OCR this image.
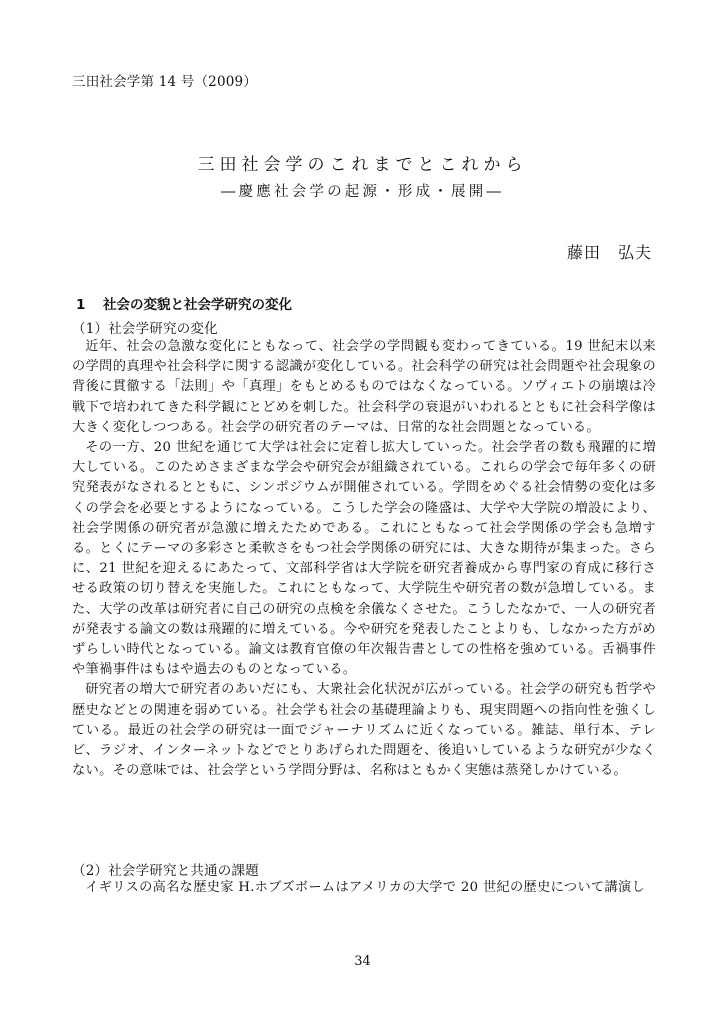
三田社会学第 14 号（2009）
三田社会学のこれまでとこれから
―慶應社会学の起源・形成・展開―
藤田　弘夫
1 社会の変貌と社会学研究の変化
（1）社会学研究の変化

近年、社会の急激な変化にともなって、社会学の学問観も変わってきている。19 世紀末以来の学問的真理や社会科学に関する認識が変化している。社会科学の研究は社会問題や社会現象の背後に貫徹する「法則」や「真理」をもとめるものではなくなっている。ソヴィエトの崩壊は冷戦下で培われてきた科学観にとどめを刺した。社会科学の衰退がいわれるとともに社会科学像は大きく変化しつつある。社会学の研究者のテーマは、日常的な社会問題となっている。

その一方、20 世紀を通じて大学は社会に定着し拡大していった。社会学者の数も飛躍的に増大している。このためさまざまな学会や研究会が組織されている。これらの学会で毎年多くの研究発表がなされるとともに、シンポジウムが開催されている。学問をめぐる社会情勢の変化は多くの学会を必要とするようになっている。こうした学会の隆盛は、大学や大学院の増設により、社会学関係の研究者が急激に増えたためである。これにともなって社会学関係の学会も急増する。とくにテーマの多彩さと柔軟さをもつ社会学関係の研究には、大きな期待が集まった。さらに、21 世紀を迎えるにあたって、文部科学省は大学院を研究者養成から専門家の育成に移行させる政策の切り替えを実施した。これにともなって、大学院生や研究者の数が急増している。また、大学の改革は研究者に自己の研究の点検を余儀なくさせた。こうしたなかで、一人の研究者が発表する論文の数は飛躍的に増えている。今や研究を発表したことよりも、しなかった方がめずらしい時代となっている。論文は教育官僚の年次報告書としての性格を強めている。舌禍事件や筆禍事件はもはや過去のものとなっている。

研究者の増大で研究者のあいだにも、大衆社会化状況が広がっている。社会学の研究も哲学や歴史などとの関連を弱めている。社会学も社会の基礎理論よりも、現実問題への指向性を強くしている。最近の社会学の研究は一面でジャーナリズムに近くなっている。雑誌、単行本、テレビ、ラジオ、インターネットなどでとりあげられた問題を、後追いしているような研究が少なくない。その意味では、社会学という学問分野は、名称はともかく実態は蒸発しかけている。

（2）社会学研究と共通の課題

イギリスの高名な歴史家 H.ホブズボームはアメリカの大学で 20 世紀の歴史について講演し

34
